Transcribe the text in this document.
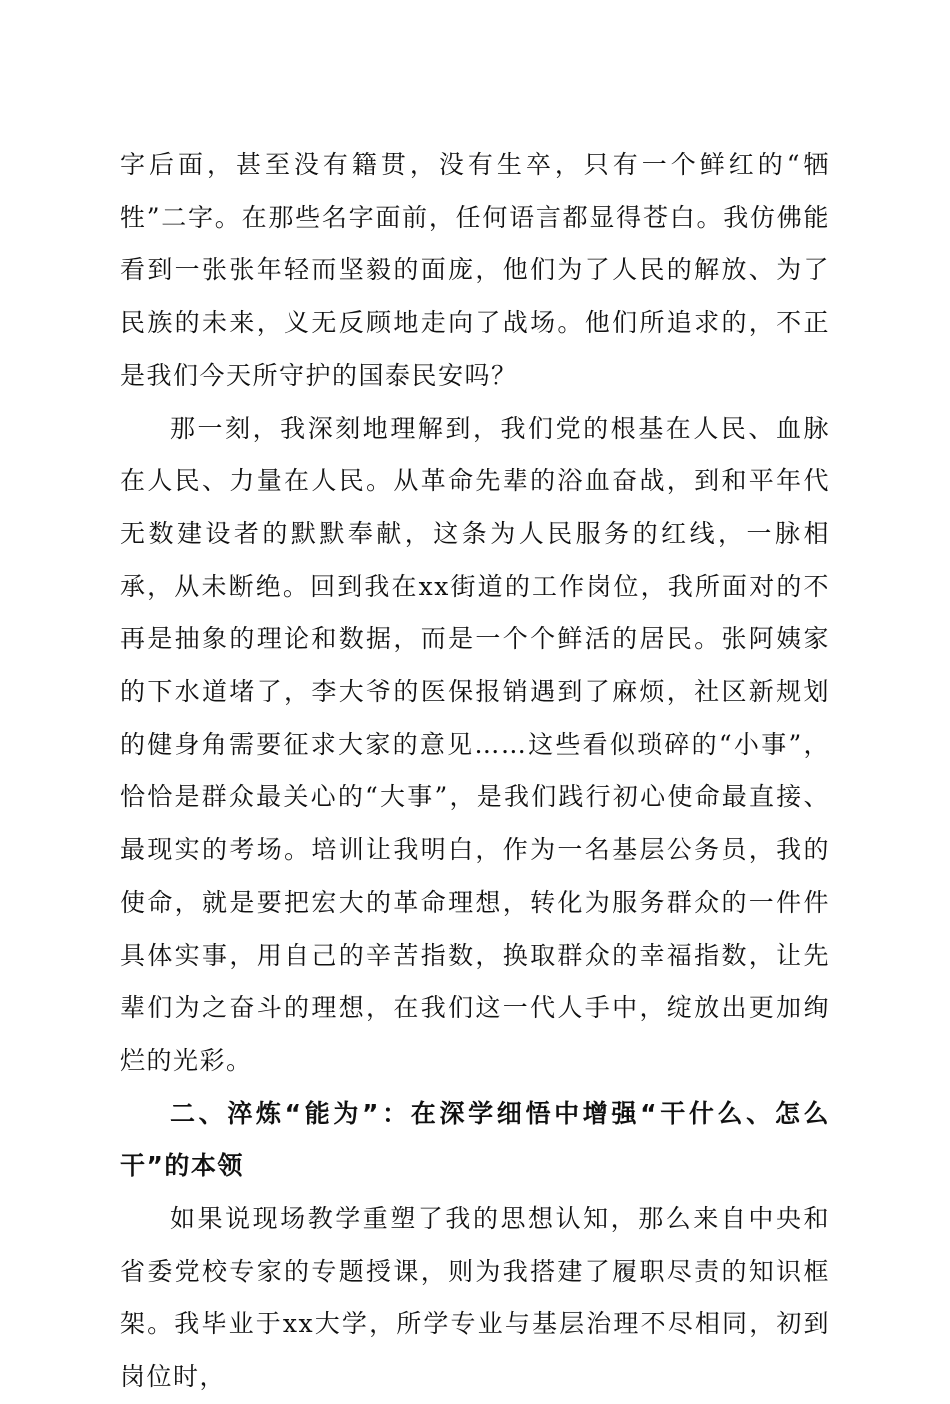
字后面，甚至没有籍贯，没有生卒，只有一个鲜红的“牺牲”二字。在那些名字面前，任何语言都显得苍白。我仿佛能看到一张张年轻而坚毅的面庞，他们为了人民的解放、为了民族的未来，义无反顾地走向了战场。他们所追求的，不正是我们今天所守护的国泰民安吗？

那一刻，我深刻地理解到，我们党的根基在人民、血脉在人民、力量在人民。从革命先辈的浴血奋战，到和平年代无数建设者的默默奉献，这条为人民服务的红线，一脉相承，从未断绝。回到我在xx街道的工作岗位，我所面对的不再是抽象的理论和数据，而是一个个鲜活的居民。张阿姨家的下水道堵了，李大爷的医保报销遇到了麻烦，社区新规划的健身角需要征求大家的意见……这些看似琐碎的“小事”，恰恰是群众最关心的“大事”，是我们践行初心使命最直接、最现实的考场。培训让我明白，作为一名基层公务员，我的使命，就是要把宏大的革命理想，转化为服务群众的一件件具体实事，用自己的辛苦指数，换取群众的幸福指数，让先辈们为之奋斗的理想，在我们这一代人手中，绽放出更加绚烂的光彩。

二、淬炼“能为”：在深学细悟中增强“干什么、怎么干”的本领

如果说现场教学重塑了我的思想认知，那么来自中央和省委党校专家的专题授课，则为我搭建了履职尽责的知识框架。我毕业于xx大学，所学专业与基层治理不尽相同，初到岗位时，
